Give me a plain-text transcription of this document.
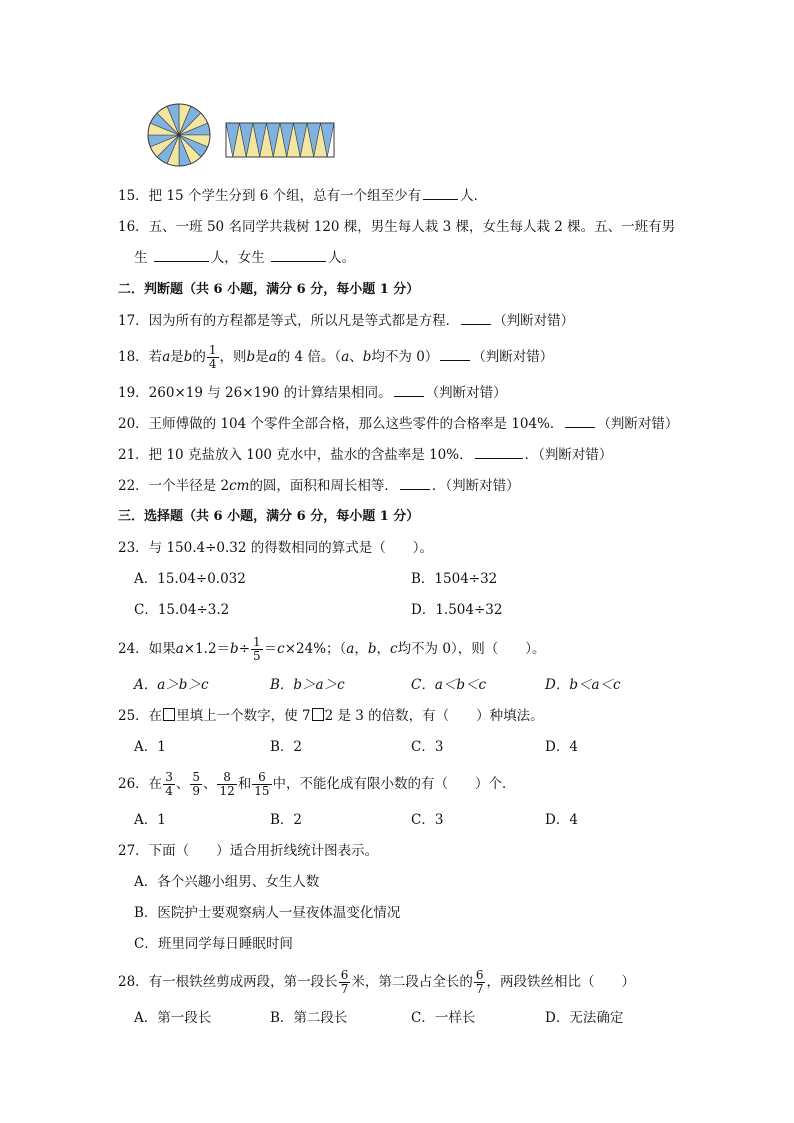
15．把 15 个学生分到 6 个组，总有一个组至少有	人．
16．五、一班 50 名同学共栽树 120 棵，男生每人栽 3 棵，女生每人栽 2 棵。五、一班有男
生	人，女生	人。
二．判断题（共 6 小题，满分 6 分，每小题 1 分）
17．因为所有的方程都是等式，所以凡是等式都是方程．	（判断对错）
18．若a是b的 $\frac{1}{4}$ ，则b是a的 4 倍。（a、b均不为 0）	（判断对错）
19．260×19 与 26×190 的计算结果相同。	（判断对错）
20．王师傅做的 104 个零件全部合格，那么这些零件的合格率是 104%．	（判断对错）
21．把 10 克盐放入 100 克水中，盐水的含盐率是 10%．	．（判断对错）
22．一个半径是 2cm的圆，面积和周长相等．	．（判断对错）
三．选择题（共 6 小题，满分 6 分，每小题 1 分）
23．与 150.4÷0.32 的得数相同的算式是（　　）。
A．15.04÷0.032	B．1504÷32
C．15.04÷3.2	D．1.504÷32
24．如果$a\times 1.2=b\div \frac{1}{5} =c\times 24\%$；（a，b，c均不为 0），则（　　）。
A．a＞b＞c	B．b＞a＞c	C．a＜b＜c	D．b＜a＜c
25．在 里填上一个数字，使 7 2 是 3 的倍数，有（　　）种填法。
A．1	B．2	C．3	D．4
26．在 $\frac{3}{4}$ 、 $\frac{5}{9}$ 、 $\frac{8}{12}$ 和 $\frac{6}{15}$ 中，不能化成有限小数的有（　　）个．
A．1	B．2	C．3	D．4
27．下面（　　）适合用折线统计图表示。
A．各个兴趣小组男、女生人数
B．医院护士要观察病人一昼夜体温变化情况
C．班里同学每日睡眠时间
28．有一根铁丝剪成两段，第一段长 $\frac{6}{7}$ 米，第二段占全长的 $\frac{6}{7}$ ，两段铁丝相比（　　）
A．第一段长	B．第二段长	C．一样长	D．无法确定
